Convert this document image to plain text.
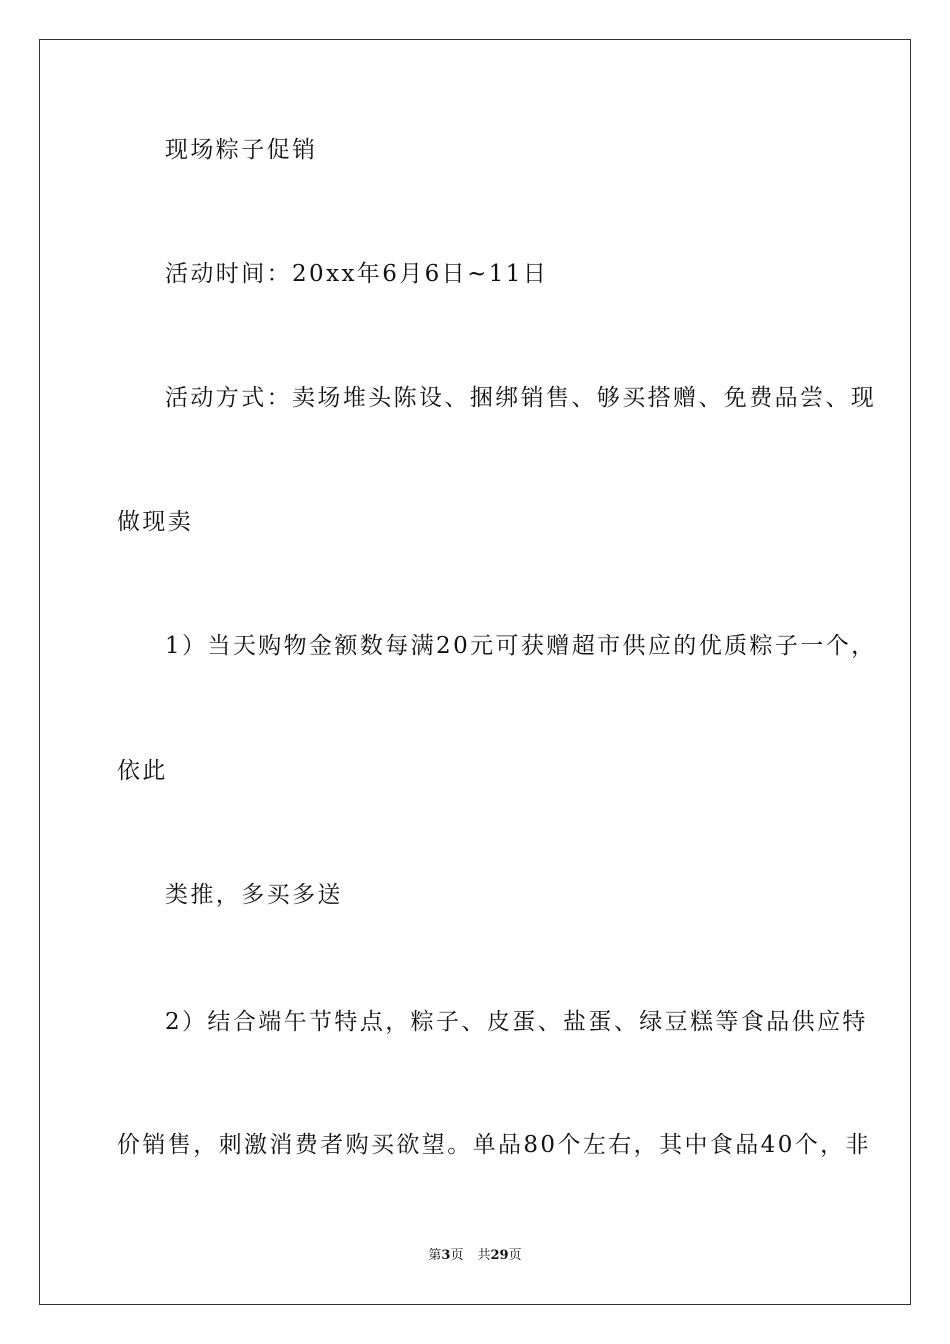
现场粽子促销
活动时间：20xx年6月6日~11日
活动方式：卖场堆头陈设、捆绑销售、够买搭赠、免费品尝、现
做现卖
1）当天购物金额数每满20元可获赠超市供应的优质粽子一个，
依此
类推，多买多送
2）结合端午节特点，粽子、皮蛋、盐蛋、绿豆糕等食品供应特
价销售，刺激消费者购买欲望。单品80个左右，其中食品40个，非
第3页 共29页
